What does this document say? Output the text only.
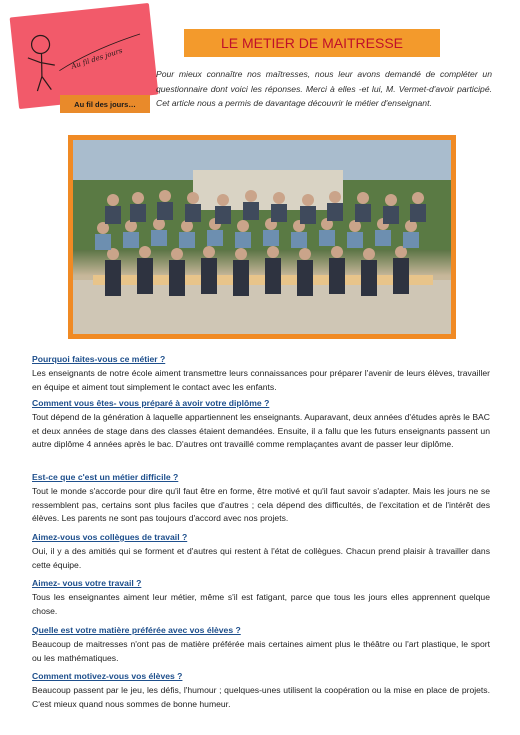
Au fil des jours
Au fil des jours…
LE METIER DE MAITRESSE

Pour mieux connaître nos maîtresses, nous leur avons demandé de compléter un questionnaire dont voici les réponses. Merci à elles -et lui, M. Vermet-d'avoir participé. Cet article nous a permis de davantage découvrir le métier d'enseignant.

Pourquoi faites-vous ce métier ?

Les enseignants de notre école aiment transmettre leurs connaissances pour préparer l'avenir de leurs élèves, travailler en équipe et aiment tout simplement le contact avec les enfants.

Comment vous êtes- vous préparé à avoir votre diplôme ?

Tout dépend de la génération à laquelle appartiennent les enseignants. Auparavant, deux années d'études après le BAC et deux années de stage dans des classes étaient demandées. Ensuite, il a fallu que les futurs enseignants passent un autre diplôme 4 années après le bac. D'autres ont travaillé comme remplaçantes avant de passer leur diplôme.

Est-ce que c'est un métier difficile ?

Tout le monde s'accorde pour dire qu'il faut être en forme, être motivé et qu'il faut savoir s'adapter. Mais les jours ne se ressemblent pas, certains sont plus faciles que d'autres ; cela dépend des difficultés, de l'excitation et de l'intérêt des élèves. Les parents ne sont pas toujours d'accord avec nos projets.

Aimez-vous vos collègues de travail ?

Oui, il y a des amitiés qui se forment et d'autres qui restent à l'état de collègues. Chacun prend plaisir à travailler dans cette équipe.

Aimez- vous votre travail ?

Tous les enseignantes aiment leur métier, même s'il est fatigant, parce que tous les jours elles apprennent quelque chose.

Quelle est votre matière préférée avec vos élèves ?

Beaucoup de maitresses n'ont pas de matière préférée mais certaines aiment plus le théâtre ou l'art plastique, le sport ou les mathématiques.

Comment motivez-vous vos élèves ?

Beaucoup passent par le jeu, les défis, l'humour ; quelques-unes utilisent la coopération ou la mise en place de projets. C'est mieux quand nous sommes de bonne humeur.
